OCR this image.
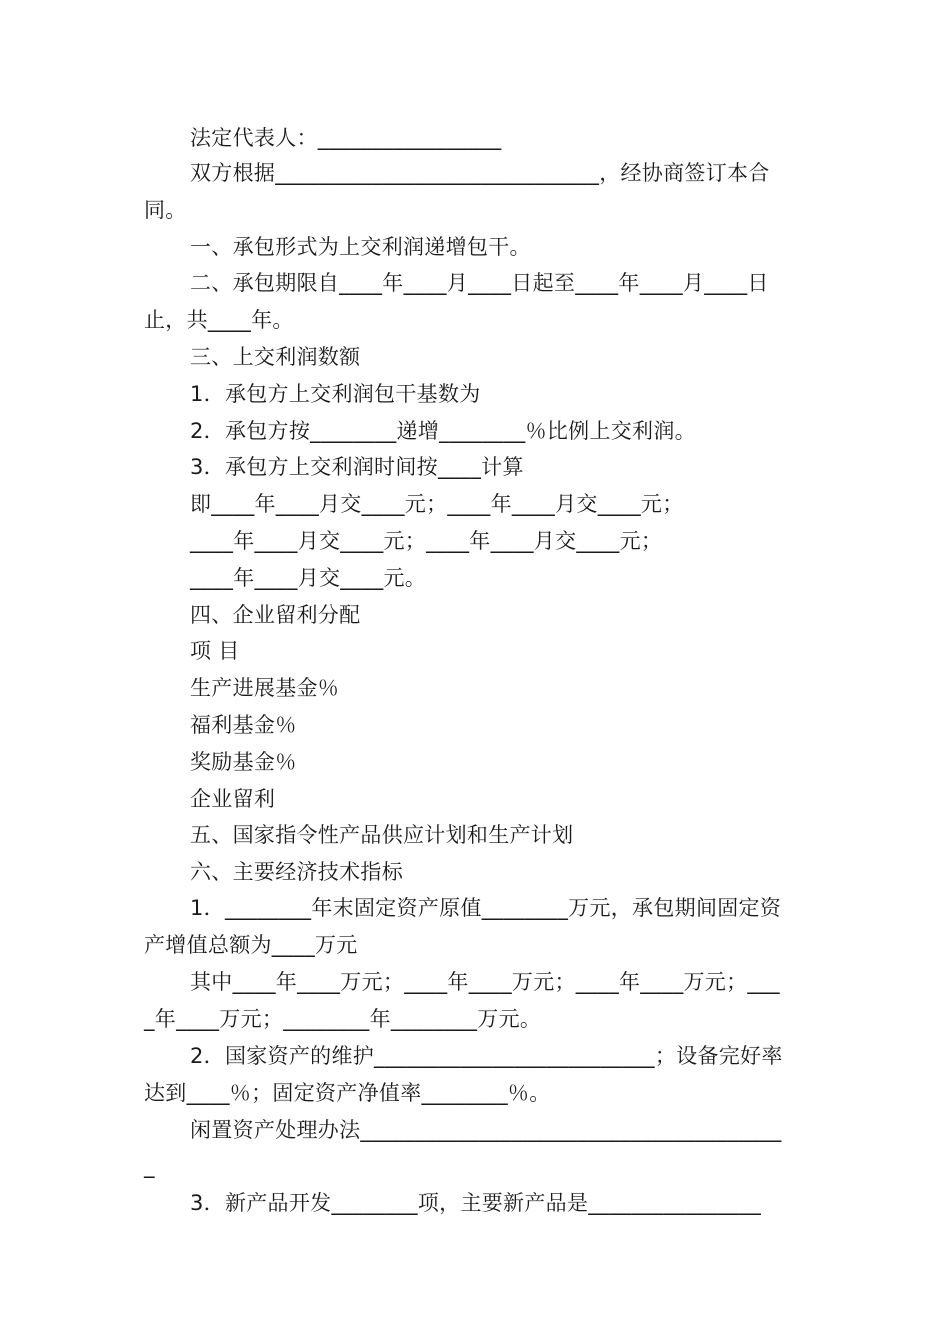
法定代表人：_________________
双方根据______________________________，经协商签订本合
同。
一、承包形式为上交利润递增包干。
二、承包期限自____年____月____日起至____年____月____日
止，共____年。
三、上交利润数额
1．承包方上交利润包干基数为
2．承包方按________递增________％比例上交利润。
3．承包方上交利润时间按____计算
即____年____月交____元；____年____月交____元；
____年____月交____元；____年____月交____元；
____年____月交____元。
四、企业留利分配
项 目
生产进展基金％
福利基金％
奖励基金％
企业留利
五、国家指令性产品供应计划和生产计划
六、主要经济技术指标
1．________年末固定资产原值________万元，承包期间固定资
产增值总额为____万元
其中____年____万元；____年____万元；____年____万元；___
_年____万元；________年________万元。
2．国家资产的维护__________________________；设备完好率
达到____％；固定资产净值率________％。
闲置资产处理办法_______________________________________
_
3．新产品开发________项，主要新产品是________________
